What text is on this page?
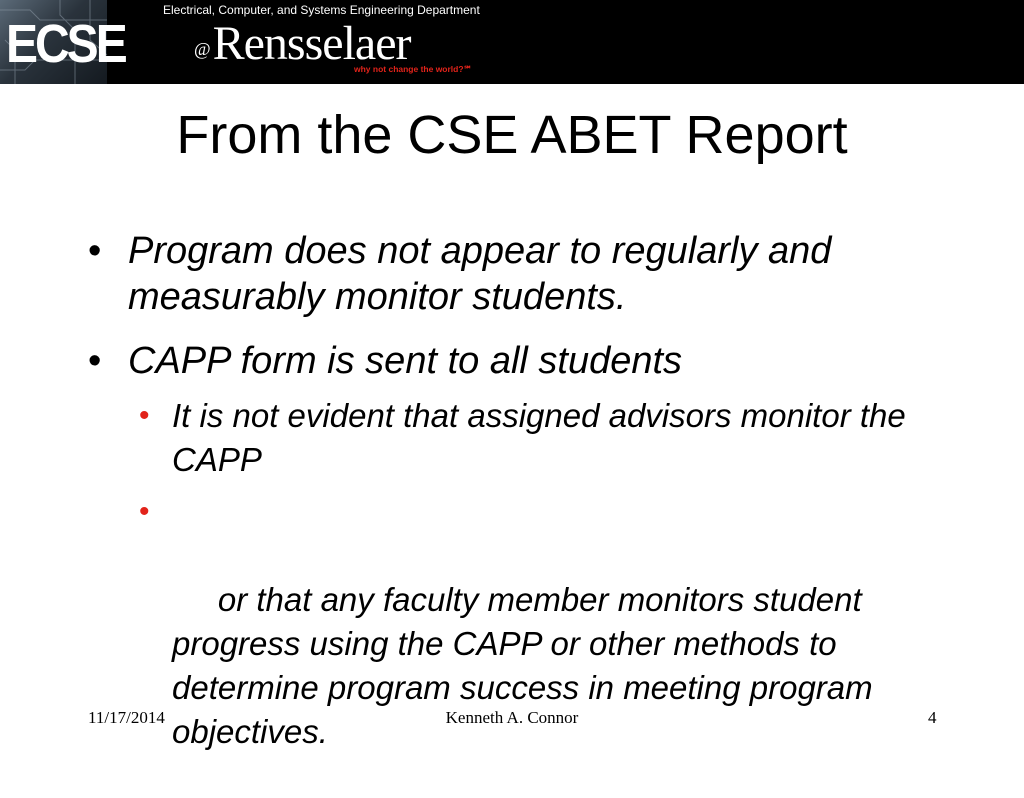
ECSE
Electrical, Computer, and Systems Engineering Department
@Rensselaer
why not change the world?℠
From the CSE ABET Report
• Program does not appear to regularly and measurably monitor students.
• CAPP form is sent to all students
• It is not evident that assigned advisors monitor the CAPP

•

or that any faculty member monitors student progress using the CAPP or other methods to determine program success in meeting program objectives.

11/17/2014	Kenneth A. Connor	4
